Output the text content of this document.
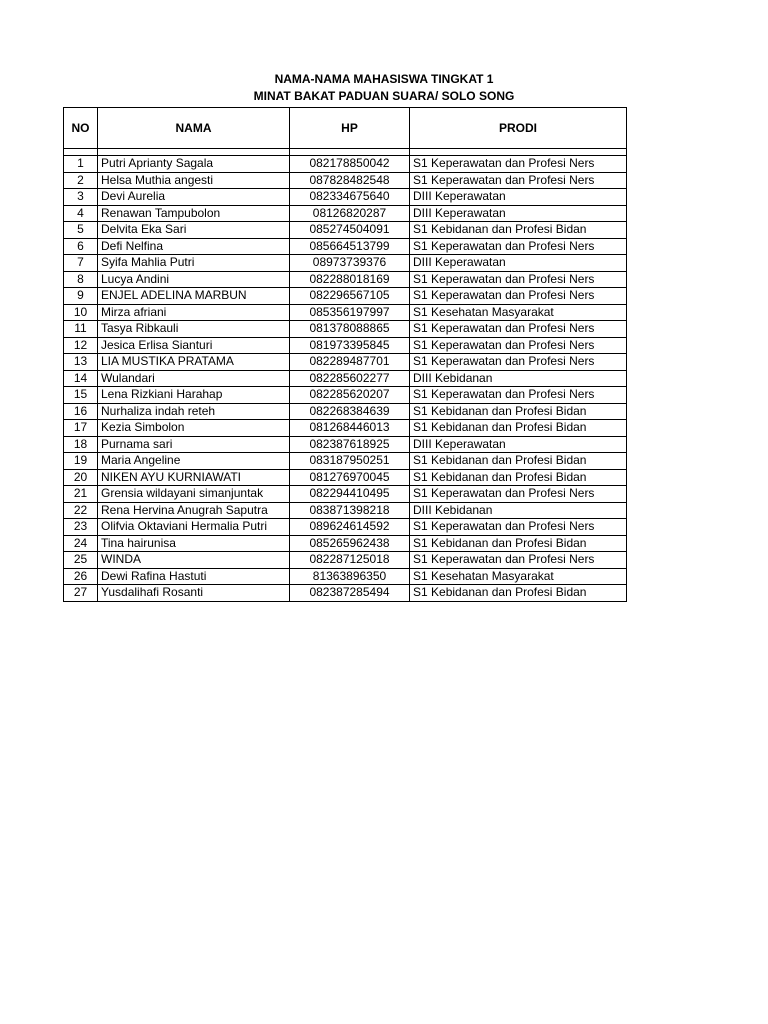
NAMA-NAMA MAHASISWA TINGKAT 1
MINAT BAKAT PADUAN SUARA/ SOLO SONG
NO	NAMA	HP	PRODI

1	Putri Aprianty Sagala	082178850042	S1 Keperawatan dan Profesi Ners
2	Helsa Muthia angesti	087828482548	S1 Keperawatan dan Profesi Ners
3	Devi Aurelia	082334675640	DIII Keperawatan
4	Renawan Tampubolon	08126820287	DIII Keperawatan
5	Delvita Eka Sari	085274504091	S1 Kebidanan dan Profesi Bidan
6	Defi Nelfina	085664513799	S1 Keperawatan dan Profesi Ners
7	Syifa Mahlia Putri	08973739376	DIII Keperawatan
8	Lucya Andini	082288018169	S1 Keperawatan dan Profesi Ners
9	ENJEL ADELINA MARBUN	082296567105	S1 Keperawatan dan Profesi Ners
10	Mirza afriani	085356197997	S1 Kesehatan Masyarakat
11	Tasya Ribkauli	081378088865	S1 Keperawatan dan Profesi Ners
12	Jesica Erlisa Sianturi	081973395845	S1 Keperawatan dan Profesi Ners
13	LIA MUSTIKA PRATAMA	082289487701	S1 Keperawatan dan Profesi Ners
14	Wulandari	082285602277	DIII Kebidanan
15	Lena Rizkiani Harahap	082285620207	S1 Keperawatan dan Profesi Ners
16	Nurhaliza indah reteh	082268384639	S1 Kebidanan dan Profesi Bidan
17	Kezia Simbolon	081268446013	S1 Kebidanan dan Profesi Bidan
18	Purnama sari	082387618925	DIII Keperawatan
19	Maria Angeline	083187950251	S1 Kebidanan dan Profesi Bidan
20	NIKEN AYU KURNIAWATI	081276970045	S1 Kebidanan dan Profesi Bidan
21	Grensia wildayani simanjuntak	082294410495	S1 Keperawatan dan Profesi Ners
22	Rena Hervina Anugrah Saputra	083871398218	DIII Kebidanan
23	Olifvia Oktaviani Hermalia Putri	089624614592	S1 Keperawatan dan Profesi Ners
24	Tina hairunisa	085265962438	S1 Kebidanan dan Profesi Bidan
25	WINDA	082287125018	S1 Keperawatan dan Profesi Ners
26	Dewi Rafina Hastuti	81363896350	S1 Kesehatan Masyarakat
27	Yusdalihafi Rosanti	082387285494	S1 Kebidanan dan Profesi Bidan
